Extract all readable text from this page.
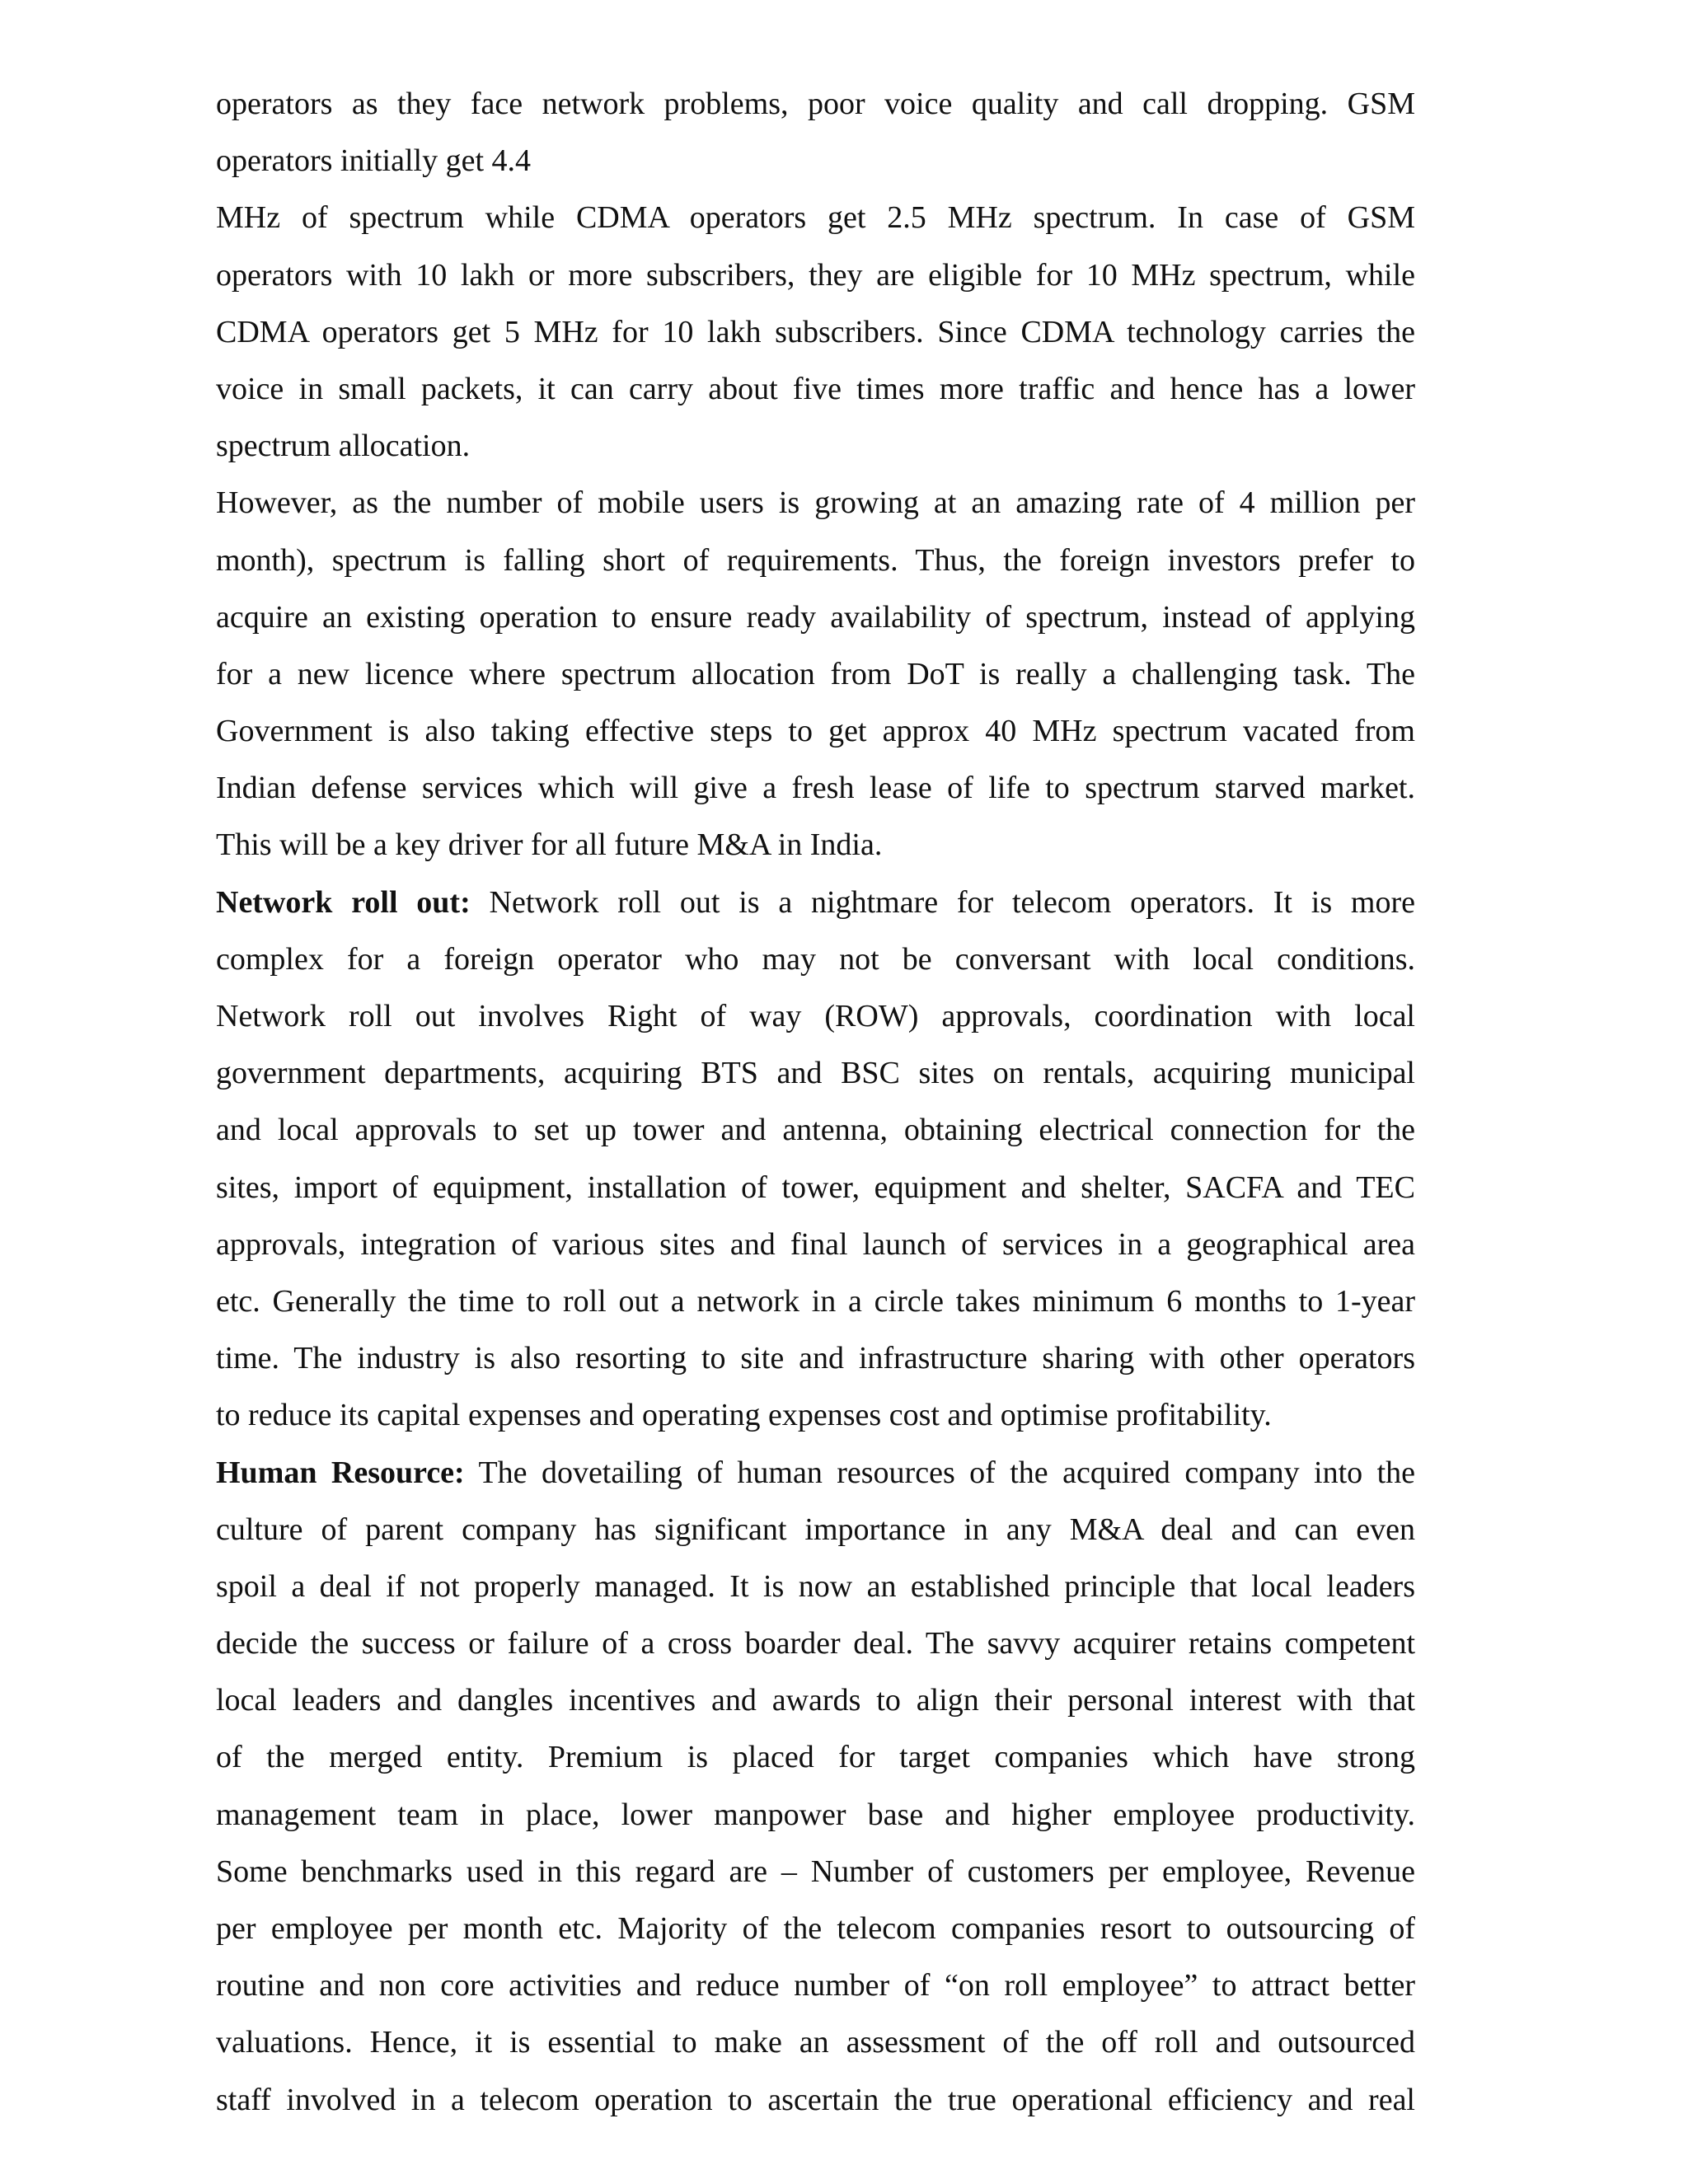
operators as they face network problems, poor voice quality and call dropping. GSM
operators initially get 4.4
MHz of spectrum while CDMA operators get 2.5 MHz spectrum. In case of GSM
operators with 10 lakh or more subscribers, they are eligible for 10 MHz spectrum, while
CDMA operators get 5 MHz for 10 lakh subscribers. Since CDMA technology carries the
voice in small packets, it can carry about five times more traffic and hence has a lower
spectrum allocation.
However, as the number of mobile users is growing at an amazing rate of 4 million per
month), spectrum is falling short of requirements. Thus, the foreign investors prefer to
acquire an existing operation to ensure ready availability of spectrum, instead of applying
for a new licence where spectrum allocation from DoT is really a challenging task. The
Government is also taking effective steps to get approx 40 MHz spectrum vacated from
Indian defense services which will give a fresh lease of life to spectrum starved market.
This will be a key driver for all future M&A in India.
Network roll out: Network roll out is a nightmare for telecom operators. It is more
complex for a foreign operator who may not be conversant with local conditions.
Network roll out involves Right of way (ROW) approvals, coordination with local
government departments, acquiring BTS and BSC sites on rentals, acquiring municipal
and local approvals to set up tower and antenna, obtaining electrical connection for the
sites, import of equipment, installation of tower, equipment and shelter, SACFA and TEC
approvals, integration of various sites and final launch of services in a geographical area
etc. Generally the time to roll out a network in a circle takes minimum 6 months to 1-year
time. The industry is also resorting to site and infrastructure sharing with other operators
to reduce its capital expenses and operating expenses cost and optimise profitability.
Human Resource: The dovetailing of human resources of the acquired company into the
culture of parent company has significant importance in any M&A deal and can even
spoil a deal if not properly managed. It is now an established principle that local leaders
decide the success or failure of a cross boarder deal. The savvy acquirer retains competent
local leaders and dangles incentives and awards to align their personal interest with that
of the merged entity. Premium is placed for target companies which have strong
management team in place, lower manpower base and higher employee productivity.
Some benchmarks used in this regard are – Number of customers per employee, Revenue
per employee per month etc. Majority of the telecom companies resort to outsourcing of
routine and non core activities and reduce number of “on roll employee” to attract better
valuations. Hence, it is essential to make an assessment of the off roll and outsourced
staff involved in a telecom operation to ascertain the true operational efficiency and real
